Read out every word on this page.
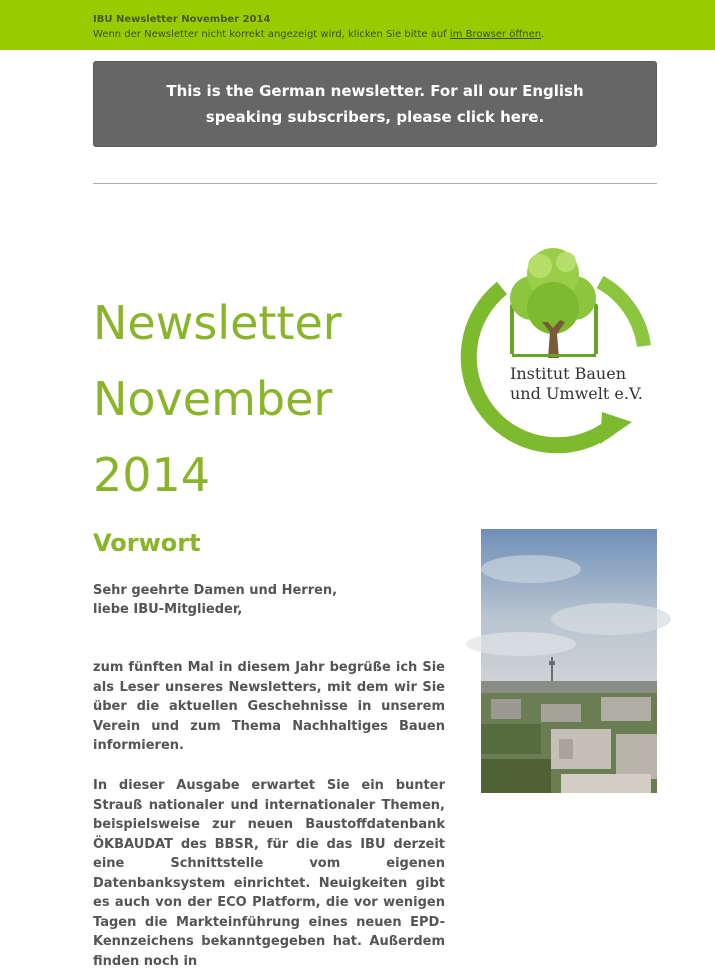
IBU Newsletter November 2014
Wenn der Newsletter nicht korrekt angezeigt wird, klicken Sie bitte auf im Browser öffnen.
This is the German newsletter. For all our English speaking subscribers, please click here.
Newsletter
November
2014
Institut Bauen
und Umwelt e.V.
Vorwort
Sehr geehrte Damen und Herren,
liebe IBU-Mitglieder,
zum fünften Mal in diesem Jahr begrüße ich Sie als Leser unseres Newsletters, mit dem wir Sie über die aktuellen Geschehnisse in unserem Verein und zum Thema Nachhaltiges Bauen informieren.
In dieser Ausgabe erwartet Sie ein bunter Strauß nationaler und internationaler Themen, beispielsweise zur neuen Baustoffdatenbank ÖKBAUDAT des BBSR, für die das IBU derzeit eine Schnittstelle vom eigenen Datenbanksystem einrichtet. Neuigkeiten gibt es auch von der ECO Platform, die vor wenigen Tagen die Markteinführung eines neuen EPD-Kennzeichens bekanntgegeben hat. Außerdem finden noch in
